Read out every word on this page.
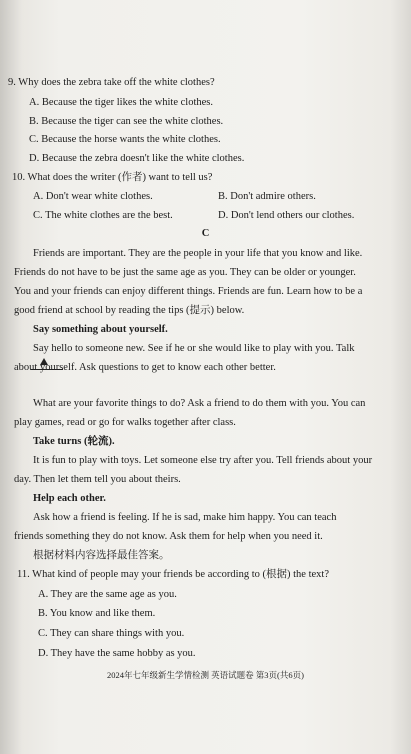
9. Why does the zebra take off the white clothes?
A. Because the tiger likes the white clothes.
B. Because the tiger can see the white clothes.
C. Because the horse wants the white clothes.
D. Because the zebra doesn't like the white clothes.
10. What does the writer (作者) want to tell us?
A. Don't wear white clothes.	B. Don't admire others.
C. The white clothes are the best.	D. Don't lend others our clothes.
C
Friends are important. They are the people in your life that you know and like.
Friends do not have to be just the same age as you. They can be older or younger.
You and your friends can enjoy different things. Friends are fun. Learn how to be a
good friend at school by reading the tips (提示) below.
Say something about yourself.
Say hello to someone new. See if he or she would like to play with you. Talk
about yourself. Ask questions to get to know each other better.
What are your favorite things to do? Ask a friend to do them with you. You can
play games, read or go for walks together after class.
Take turns (轮流).
It is fun to play with toys. Let someone else try after you. Tell friends about your
day. Then let them tell you about theirs.
Help each other.
Ask how a friend is feeling. If he is sad, make him happy. You can teach
friends something they do not know. Ask them for help when you need it.
根据材料内容选择最佳答案。
11. What kind of people may your friends be according to (根据) the text?
A. They are the same age as you.
B. You know and like them.
C. They can share things with you.
D. They have the same hobby as you.
2024年七年级新生学情检测 英语试题卷 第3页(共6页)
